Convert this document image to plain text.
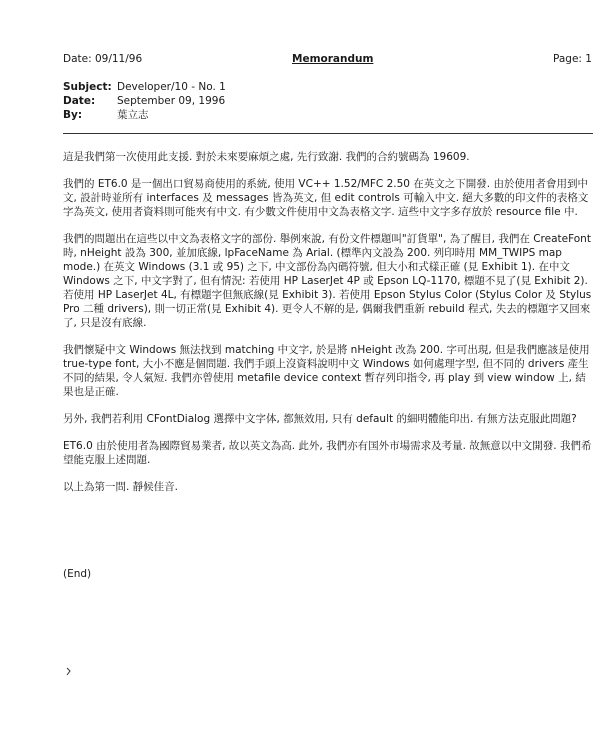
Date: 09/11/96	Memorandum	Page: 1
Subject: Developer/10 - No. 1
Date:	September 09, 1996
By:	葉立志

這是我們第一次使用此支援. 對於未來要麻煩之處, 先行致謝. 我們的合約號碼為 19609.

我們的 ET6.0 是一個出口貿易商使用的系統, 使用 VC++ 1.52/MFC 2.50 在英文之下開發. 由於使用者會用到中文, 設計時並所有 interfaces 及 messages 皆為英文, 但 edit controls 可輸入中文. 絕大多數的印文件的表格文字為英文, 使用者資料則可能夾有中文. 有少數文件使用中文為表格文字. 這些中文字多存放於 resource file 中.

我們的問題出在這些以中文為表格文字的部份. 舉例來說, 有份文件標題叫"訂貨單", 為了醒目, 我們在 CreateFont 時, nHeight 設為 300, 並加底線, lpFaceName 為 Arial. (標準內文設為 200. 列印時用 MM_TWIPS map mode.) 在英文 Windows (3.1 或 95) 之下, 中文部份為內碼符號, 但大小和式樣正確 (見 Exhibit 1). 在中文 Windows 之下, 中文字對了, 但有情況: 若使用 HP LaserJet 4P 或 Epson LQ-1170, 標題不見了(見 Exhibit 2). 若使用 HP LaserJet 4L, 有標題字但無底線(見 Exhibit 3). 若使用 Epson Stylus Color (Stylus Color 及 Stylus Pro 二種 drivers), 則一切正常(見 Exhibit 4). 更令人不解的是, 偶爾我們重新 rebuild 程式, 失去的標題字又回來了, 只是沒有底線.

我們懷疑中文 Windows 無法找到 matching 中文字, 於是將 nHeight 改為 200. 字可出現, 但是我們應該是使用 true-type font, 大小不應是個問題. 我們手頭上沒資料說明中文 Windows 如何處理字型, 但不同的 drivers 產生不同的結果, 令人氣短. 我們亦曾使用 metafile device context 暫存列印指令, 再 play 到 view window 上, 結果也是正確.

另外, 我們若利用 CFontDialog 選擇中文字体, 都無效用, 只有 default 的細明體能印出. 有無方法克服此問題?

ET6.0 由於使用者為國際貿易業者, 故以英文為高. 此外, 我們亦有国外市場需求及考量. 故無意以中文開發. 我們希望能克服上述問題.

以上為第一問. 靜候佳音.

(End)
